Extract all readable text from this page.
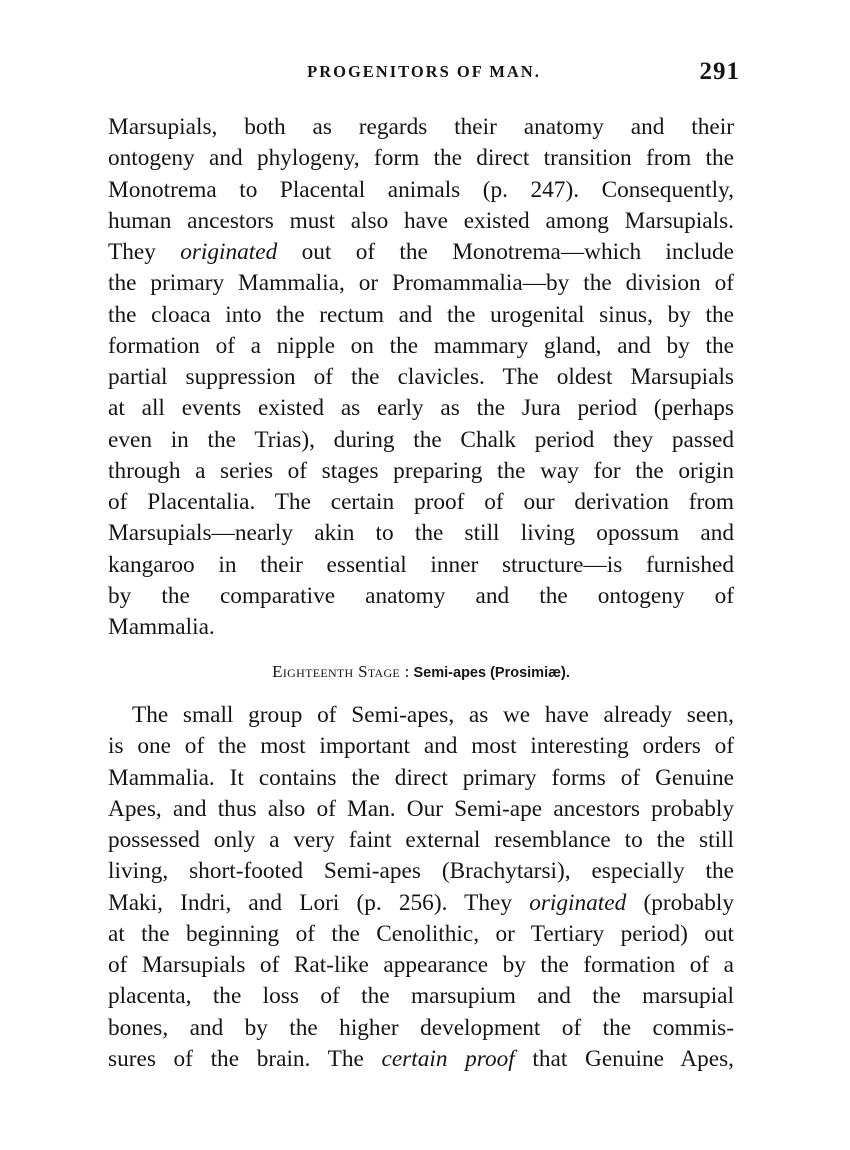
PROGENITORS OF MAN.	291
Marsupials, both as regards their anatomy and their
ontogeny and phylogeny, form the direct transition from the
Monotrema to Placental animals (p. 247). Consequently,
human ancestors must also have existed among Marsupials.
They originated out of the Monotrema—which include
the primary Mammalia, or Promammalia—by the division of
the cloaca into the rectum and the urogenital sinus, by the
formation of a nipple on the mammary gland, and by the
partial suppression of the clavicles. The oldest Marsupials
at all events existed as early as the Jura period (perhaps
even in the Trias), during the Chalk period they passed
through a series of stages preparing the way for the origin
of Placentalia. The certain proof of our derivation from
Marsupials—nearly akin to the still living opossum and
kangaroo in their essential inner structure—is furnished
by the comparative anatomy and the ontogeny of
Mammalia.
Eighteenth Stage : Semi-apes (Prosimiæ).
The small group of Semi-apes, as we have already seen,
is one of the most important and most interesting orders of
Mammalia. It contains the direct primary forms of Genuine
Apes, and thus also of Man. Our Semi-ape ancestors probably
possessed only a very faint external resemblance to the still
living, short-footed Semi-apes (Brachytarsi), especially the
Maki, Indri, and Lori (p. 256). They originated (probably
at the beginning of the Cenolithic, or Tertiary period) out
of Marsupials of Rat-like appearance by the formation of a
placenta, the loss of the marsupium and the marsupial
bones, and by the higher development of the commis-
sures of the brain. The certain proof that Genuine Apes,
